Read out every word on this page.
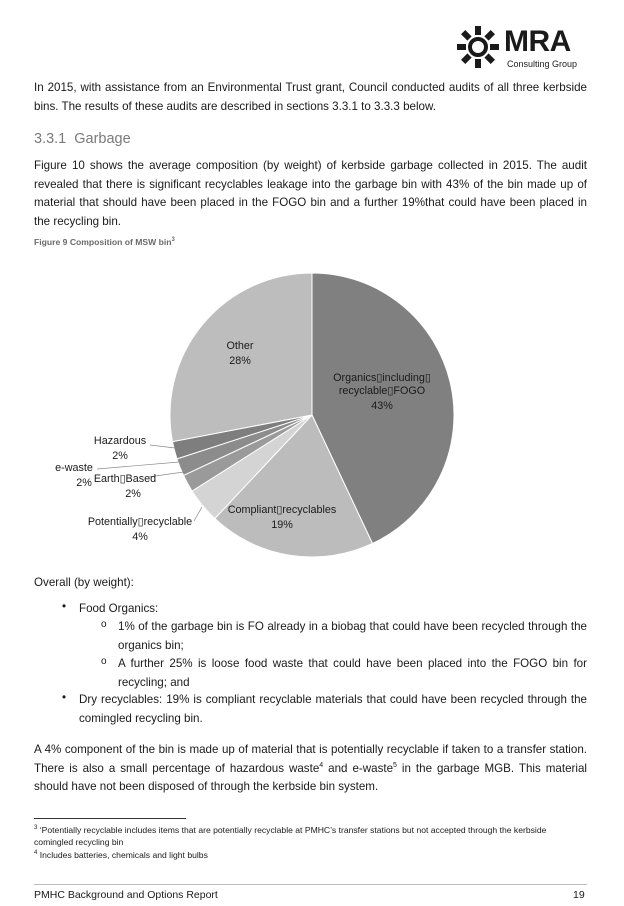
MRA
Consulting Group
In 2015, with assistance from an Environmental Trust grant, Council conducted audits of all three kerbside bins. The results of these audits are described in sections 3.3.1 to 3.3.3 below.
3.3.1 Garbage
Figure 10 shows the average composition (by weight) of kerbside garbage collected in 2015. The audit revealed that there is significant recyclables leakage into the garbage bin with 43% of the bin made up of material that should have been placed in the FOGO bin and a further 19%that could have been placed in the recycling bin.
Figure 9 Composition of MSW bin$^3$
Organics▯including▯ recyclable▯FOGO 43%
Compliant▯recyclables 19%
Potentially▯recyclable 4%
Earth▯Based 2%
e-waste 2%
Hazardous 2%
Other 28%
Overall (by weight):
• Food Organics:
o 1% of the garbage bin is FO already in a biobag that could have been recycled through the organics bin;
o A further 25% is loose food waste that could have been placed into the FOGO bin for recycling; and
• Dry recyclables: 19% is compliant recyclable materials that could have been recycled through the comingled recycling bin.
A 4% component of the bin is made up of material that is potentially recyclable if taken to a transfer station. There is also a small percentage of hazardous waste$^4$ and e-waste$^5$ in the garbage MGB. This material should have not been disposed of through the kerbside bin system.
$^3$ ‘Potentially recyclable includes items that are potentially recyclable at PMHC’s transfer stations but not accepted through the kerbside comingled recycling bin
$^4$ Includes batteries, chemicals and light bulbs
PMHC Background and Options Report	19
